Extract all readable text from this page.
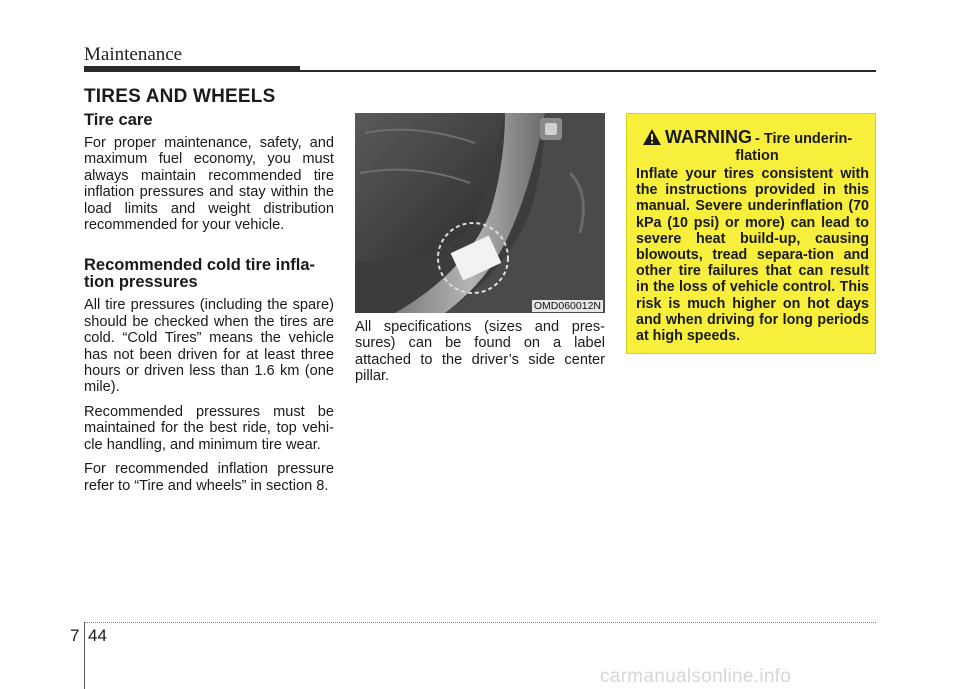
Maintenance
TIRES AND WHEELS
Tire care

For proper maintenance, safety, and maximum fuel economy, you must always maintain recommended tire inflation pressures and stay within the load limits and weight distribution recommended for your vehicle.

Recommended cold tire infla-
tion pressures

All tire pressures (including the spare) should be checked when the tires are cold. “Cold Tires” means the vehicle has not been driven for at least three hours or driven less than 1.6 km (one mile).

Recommended pressures must be maintained for the best ride, top vehi-cle handling, and minimum tire wear.

For recommended inflation pressure refer to “Tire and wheels” in section 8.

OMD060012N

All specifications (sizes and pres-sures) can be found on a label attached to the driver’s side center pillar.

WARNING - Tire underin-
flation
Inflate your tires consistent with the instructions provided in this manual. Severe underinflation (70 kPa (10 psi) or more) can lead to severe heat build-up, causing blowouts, tread separa-tion and other tire failures that can result in the loss of vehicle control. This risk is much higher on hot days and when driving for long periods at high speeds.
7 44
carmanualsonline.info
